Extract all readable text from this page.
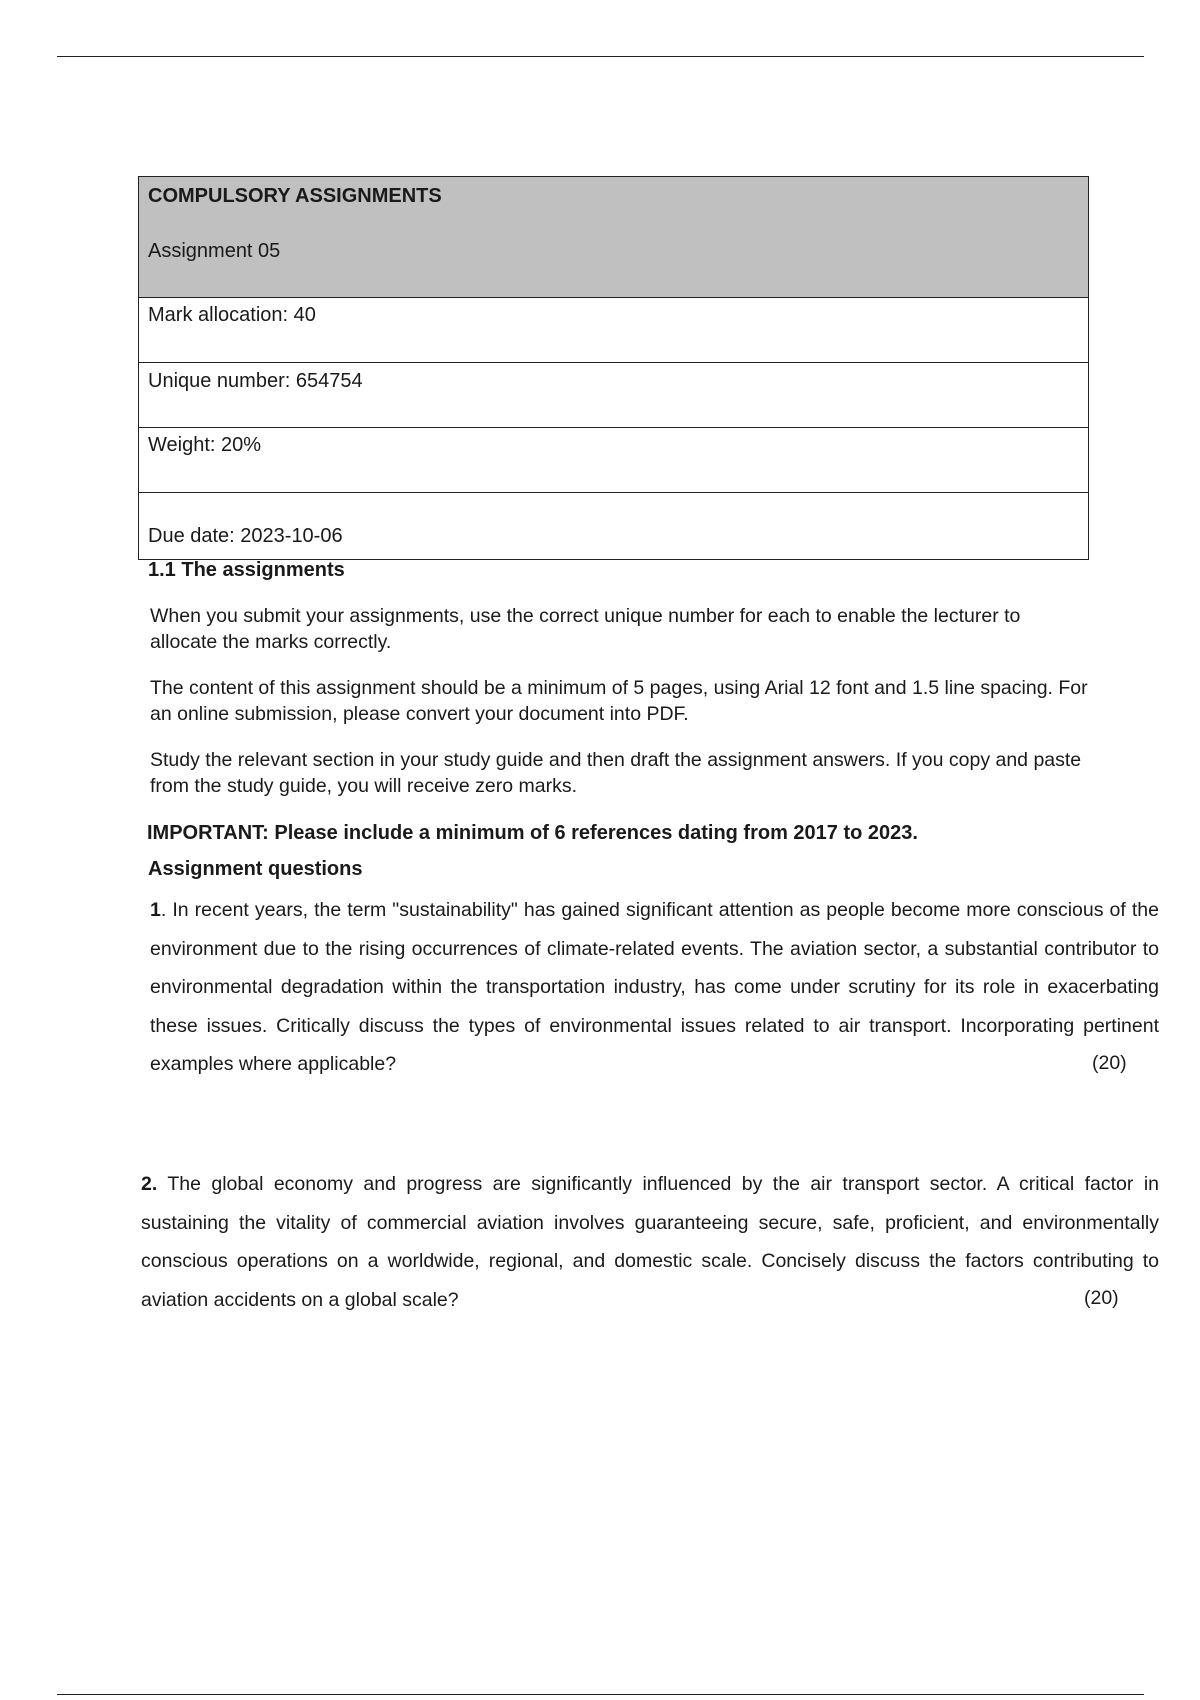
COMPULSORY ASSIGNMENTS
Assignment 05
Mark allocation: 40
Unique number: 654754
Weight: 20%
Due date: 2023-10-06
1.1 The assignments
When you submit your assignments, use the correct unique number for each to enable the lecturer to allocate the marks correctly.
The content of this assignment should be a minimum of 5 pages, using Arial 12 font and 1.5 line spacing. For an online submission, please convert your document into PDF.
Study the relevant section in your study guide and then draft the assignment answers. If you copy and paste from the study guide, you will receive zero marks.
IMPORTANT: Please include a minimum of 6 references dating from 2017 to 2023.
Assignment questions
1. In recent years, the term "sustainability" has gained significant attention as people become more conscious of the environment due to the rising occurrences of climate-related events. The aviation sector, a substantial contributor to environmental degradation within the transportation industry, has come under scrutiny for its role in exacerbating these issues. Critically discuss the types of environmental issues related to air transport. Incorporating pertinent examples where applicable?	(20)
2. The global economy and progress are significantly influenced by the air transport sector. A critical factor in sustaining the vitality of commercial aviation involves guaranteeing secure, safe, proficient, and environmentally conscious operations on a worldwide, regional, and domestic scale. Concisely discuss the factors contributing to aviation accidents on a global scale?	(20)
